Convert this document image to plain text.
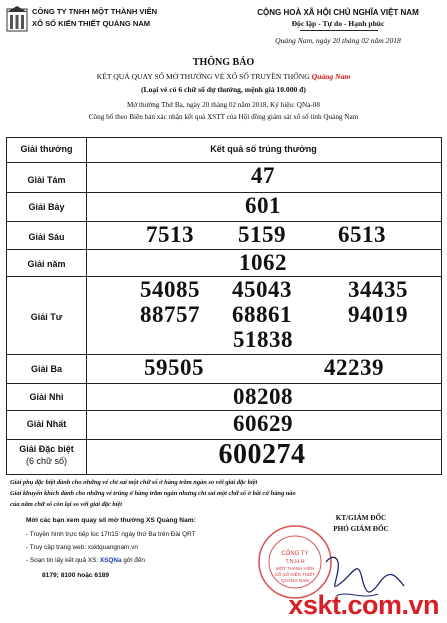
CÔNG TY TNHH MỘT THÀNH VIÊN
XỔ SỐ KIẾN THIẾT QUẢNG NAM
CỘNG HOÀ XÃ HỘI CHỦ NGHĨA VIỆT NAM
Độc lập - Tự do - Hạnh phúc
Quảng Nam, ngày 20 tháng 02 năm 2018
THÔNG BÁO
KẾT QUẢ QUAY SỐ MỞ THƯỞNG VÉ XỔ SỐ TRUYỀN THỐNG Quảng Nam
(Loại vé có 6 chữ số dự thưởng, mệnh giá 10.000 đ)
Mở thưởng Thứ Ba, ngày 20 tháng 02 năm 2018, Ký hiệu: QNa-08
Công bố theo Biên bản xác nhận kết quả XSTT của Hội đồng giám sát xổ số tỉnh Quảng Nam
Giải thưởng	Kết quả số trúng thưởng
Giải Tám	47
Giải Bảy	601
Giải Sáu	7513	5159	6513
Giải năm	1062
Giải Tư
54085	45043	34435
88757	68861	94019
51838
Giải Ba	59505	42239
Giải Nhì	08208
Giải Nhất	60629
Giải Đặc biệt
(6 chữ số)	600274
Giải phụ đặc biệt dành cho những vé chỉ sai một chữ số ở hàng trăm ngàn so với giải đặc biệt
Giải khuyến khích dành cho những vé trúng ở hàng trăm ngàn nhưng chỉ sai một chữ số ở bất cứ hàng nào
của năm chữ số còn lại so với giải đặc biệt
Mời các bạn xem quay số mở thưởng XS Quảng Nam:
- Truyền hình trực tiếp lúc 17h15' ngày thứ Ba trên Đài QRT
- Truy cập trang web: xsktquangnam.vn
- Soạn tin lấy kết quả XS: XSQNa gởi đến
8179; 8100 hoặc 6189
KT/GIÁM ĐỐC
PHÓ GIÁM ĐỐC
CÔNG TY
T.N.H.H
MỘT THÀNH VIÊN
XỔ SỐ KIẾN THIẾT
QUẢNG NAM
xskt.com.vn
